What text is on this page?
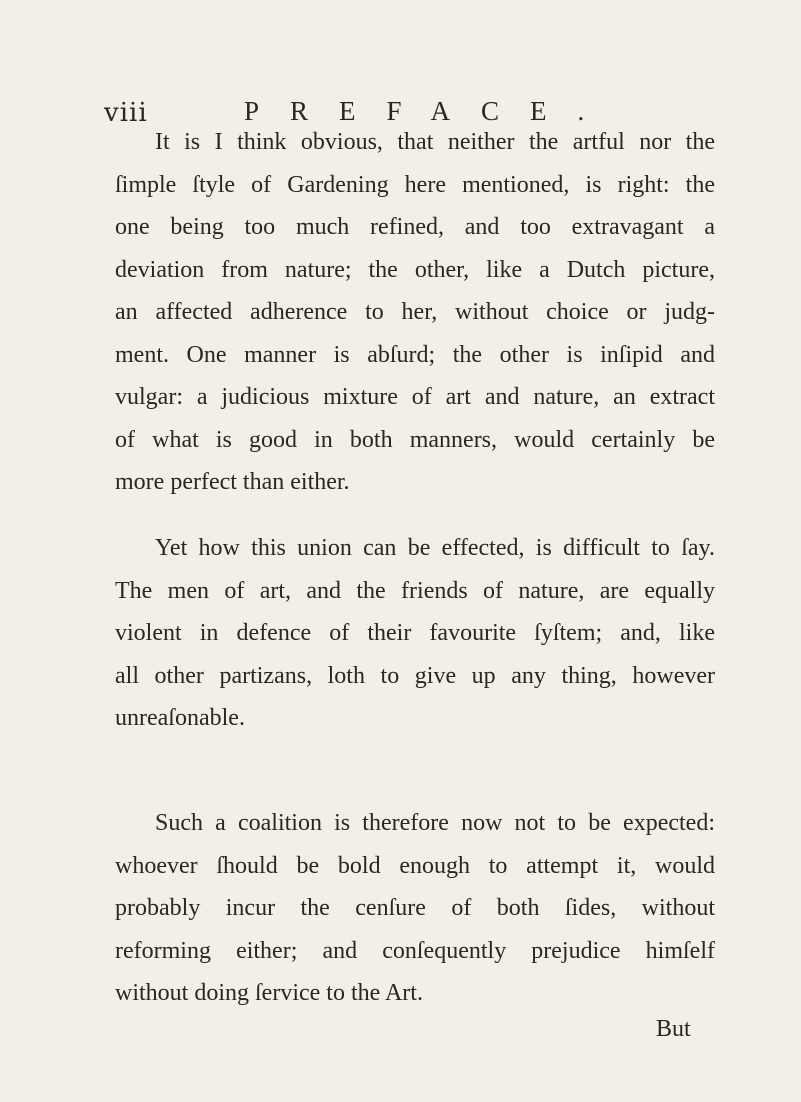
viii	PREFACE.
It is I think obvious, that neither the artful nor the
ſimple ſtyle of Gardening here mentioned, is right: the
one being too much refined, and too extravagant a
deviation from nature; the other, like a Dutch picture,
an affected adherence to her, without choice or judg-
ment. One manner is abſurd; the other is inſipid and
vulgar: a judicious mixture of art and nature, an extract
of what is good in both manners, would certainly be
more perfect than either.
Yet how this union can be effected, is difficult to ſay.
The men of art, and the friends of nature, are equally
violent in defence of their favourite ſyſtem; and, like
all other partizans, loth to give up any thing, however
unreaſonable.
Such a coalition is therefore now not to be expected:
whoever ſhould be bold enough to attempt it, would
probably incur the cenſure of both ſides, without
reforming either; and conſequently prejudice himſelf
without doing ſervice to the Art.
But
